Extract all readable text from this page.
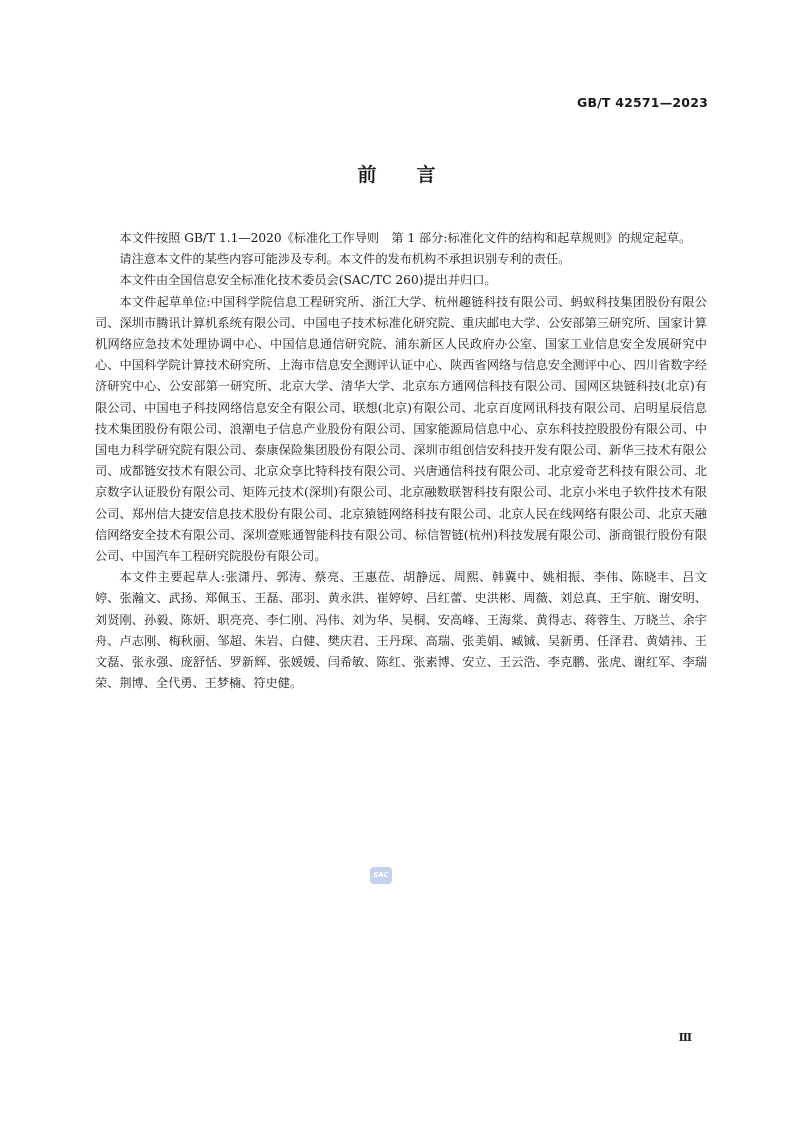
GB/T 42571—2023
前 言

本文件按照 GB/T 1.1—2020《标准化工作导则　第 1 部分:标准化文件的结构和起草规则》的规定起草。

请注意本文件的某些内容可能涉及专利。本文件的发布机构不承担识别专利的责任。

本文件由全国信息安全标准化技术委员会(SAC/TC 260)提出并归口。

本文件起草单位:中国科学院信息工程研究所、浙江大学、杭州趣链科技有限公司、蚂蚁科技集团股份有限公司、深圳市腾讯计算机系统有限公司、中国电子技术标准化研究院、重庆邮电大学、公安部第三研究所、国家计算机网络应急技术处理协调中心、中国信息通信研究院、浦东新区人民政府办公室、国家工业信息安全发展研究中心、中国科学院计算技术研究所、上海市信息安全测评认证中心、陕西省网络与信息安全测评中心、四川省数字经济研究中心、公安部第一研究所、北京大学、清华大学、北京东方通网信科技有限公司、国网区块链科技(北京)有限公司、中国电子科技网络信息安全有限公司、联想(北京)有限公司、北京百度网讯科技有限公司、启明星辰信息技术集团股份有限公司、浪潮电子信息产业股份有限公司、国家能源局信息中心、京东科技控股股份有限公司、中国电力科学研究院有限公司、泰康保险集团股份有限公司、深圳市组创信安科技开发有限公司、新华三技术有限公司、成都链安技术有限公司、北京众享比特科技有限公司、兴唐通信科技有限公司、北京爱奇艺科技有限公司、北京数字认证股份有限公司、矩阵元技术(深圳)有限公司、北京融数联智科技有限公司、北京小米电子软件技术有限公司、郑州信大捷安信息技术股份有限公司、北京猿链网络科技有限公司、北京人民在线网络有限公司、北京天融信网络安全技术有限公司、深圳壹账通智能科技有限公司、标信智链(杭州)科技发展有限公司、浙商银行股份有限公司、中国汽车工程研究院股份有限公司。

本文件主要起草人:张潇丹、郭涛、蔡亮、王惠莅、胡静远、周熙、韩冀中、姚相振、李伟、陈晓丰、吕文婷、张瀚文、武扬、郑佩玉、王磊、邵羽、黄永洪、崔婷婷、吕红蕾、史洪彬、周薇、刘总真、王宇航、谢安明、刘贤刚、孙毅、陈妍、职亮亮、李仁刚、冯伟、刘为华、吴桐、安高峰、王海棠、黄得志、蒋蓉生、万晓兰、余宇舟、卢志刚、梅秋丽、邹超、朱岩、白健、樊庆君、王丹琛、高瑞、张美娟、臧铖、吴新勇、任泽君、黄婧祎、王文磊、张永强、庞舒恬、罗新辉、张媛媛、闫希敏、陈红、张素博、安立、王云浩、李克鹏、张虎、谢红军、李瑞荣、荆博、全代勇、王梦楠、符史健。

SAC
Ⅲ
